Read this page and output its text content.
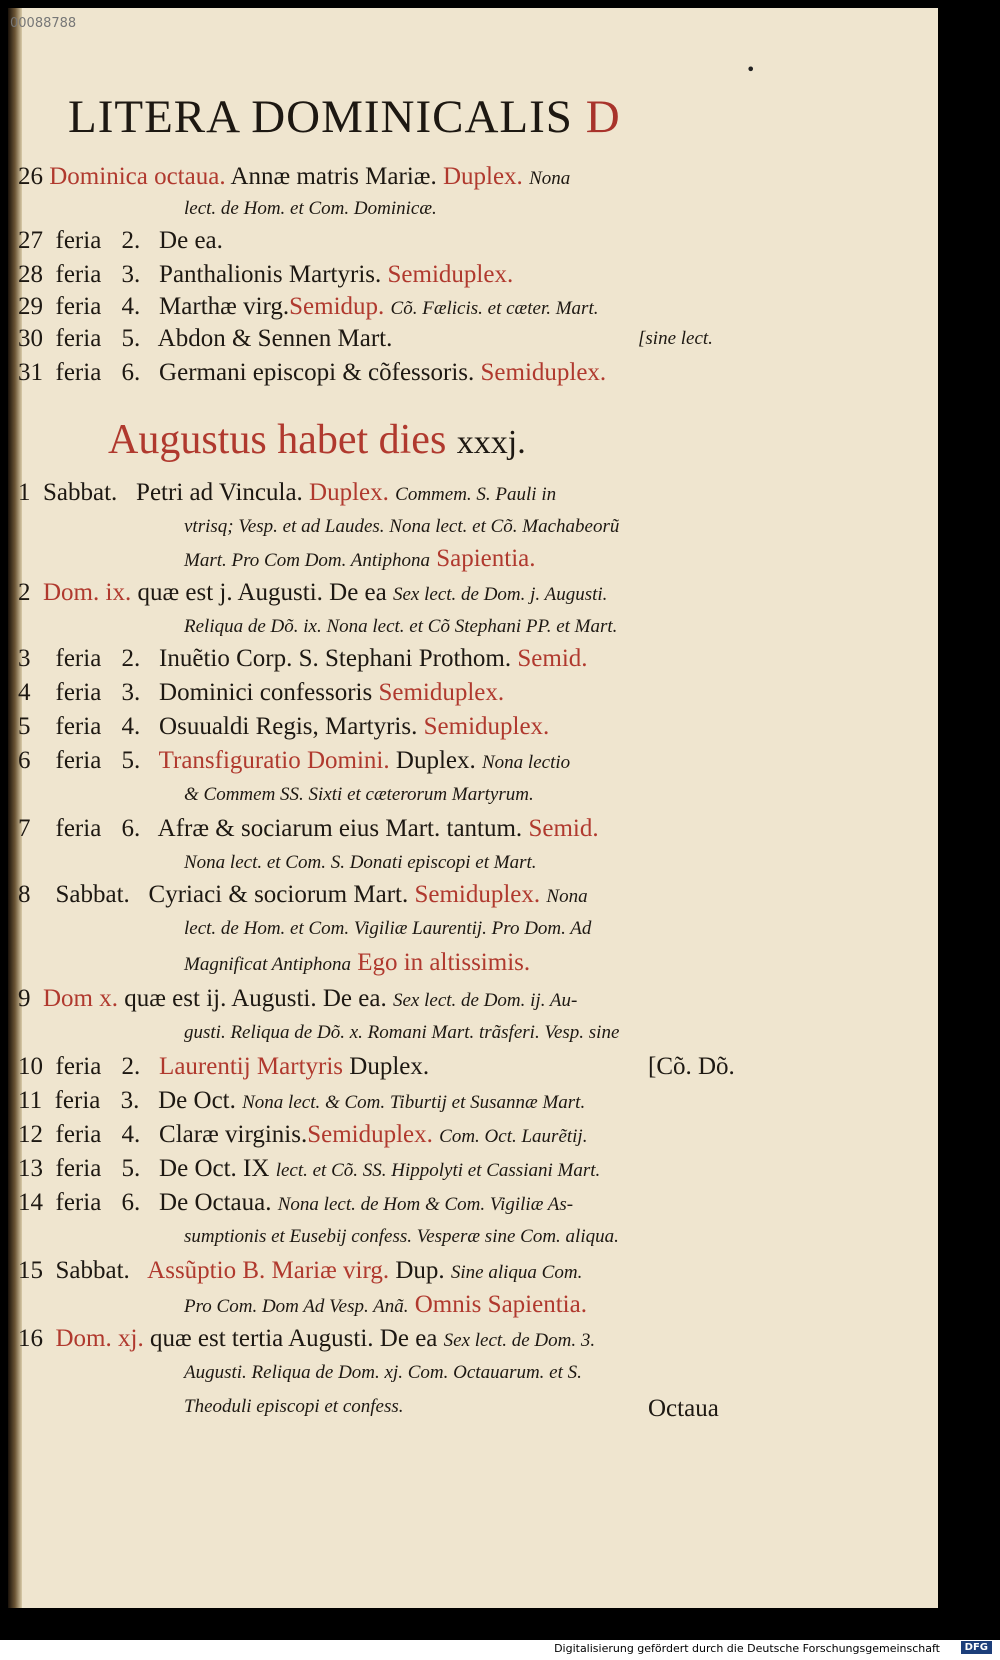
00088788
•
LITERA DOMINICALIS D
26 Dominica octaua. Annæ matris Mariæ. Duplex. Nona
lect. de Hom. et Com. Dominicæ.
27 feria 2. De ea.
28 feria 3. Panthalionis Martyris. Semiduplex.
29 feria 4. Marthæ virg.Semidup. Cõ. Fælicis. et cæter. Mart.
30 feria 5. Abdon & Sennen Mart.	[sine lect.
31 feria 6. Germani episcopi & cõfessoris. Semiduplex.
Augustus habet dies xxxj.
1 Sabbat. Petri ad Vincula. Duplex. Commem. S. Pauli in
vtrisq; Vesp. et ad Laudes. Nona lect. et Cõ. Machabeorũ
Mart. Pro Com Dom. Antiphona Sapientia.
2 Dom. ix. quæ est j. Augusti. De ea Sex lect. de Dom. j. Augusti.
Reliqua de Dõ. ix. Nona lect. et Cõ Stephani PP. et Mart.
3 feria 2. Inuẽtio Corp. S. Stephani Prothom. Semid.
4 feria 3. Dominici confessoris Semiduplex.
5 feria 4. Osuualdi Regis, Martyris. Semiduplex.
6 feria 5. Transfiguratio Domini. Duplex. Nona lectio
& Commem SS. Sixti et cæterorum Martyrum.
7 feria 6. Afræ & sociarum eius Mart. tantum. Semid.
Nona lect. et Com. S. Donati episcopi et Mart.
8 Sabbat. Cyriaci & sociorum Mart. Semiduplex. Nona
lect. de Hom. et Com. Vigiliæ Laurentij. Pro Dom. Ad
Magnificat Antiphona Ego in altissimis.
9 Dom x. quæ est ij. Augusti. De ea. Sex lect. de Dom. ij. Au-
gusti. Reliqua de Dõ. x. Romani Mart. trãsferi. Vesp. sine
10 feria 2. Laurentij Martyris Duplex.	[Cõ. Dõ.
11 feria 3. De Oct. Nona lect. & Com. Tiburtij et Susannæ Mart.
12 feria 4. Claræ virginis.Semiduplex. Com. Oct. Laurẽtij.
13 feria 5. De Oct. IX lect. et Cõ. SS. Hippolyti et Cassiani Mart.
14 feria 6. De Octaua. Nona lect. de Hom & Com. Vigiliæ As-
sumptionis et Eusebij confess. Vesperæ sine Com. aliqua.
15 Sabbat. Assũptio B. Mariæ virg. Dup. Sine aliqua Com.
Pro Com. Dom Ad Vesp. Anã. Omnis Sapientia.
16 Dom. xj. quæ est tertia Augusti. De ea Sex lect. de Dom. 3.
Augusti. Reliqua de Dom. xj. Com. Octauarum. et S.
Theoduli episcopi et confess.	Octaua
Digitalisierung gefördert durch die Deutsche Forschungsgemeinschaft	DFG
